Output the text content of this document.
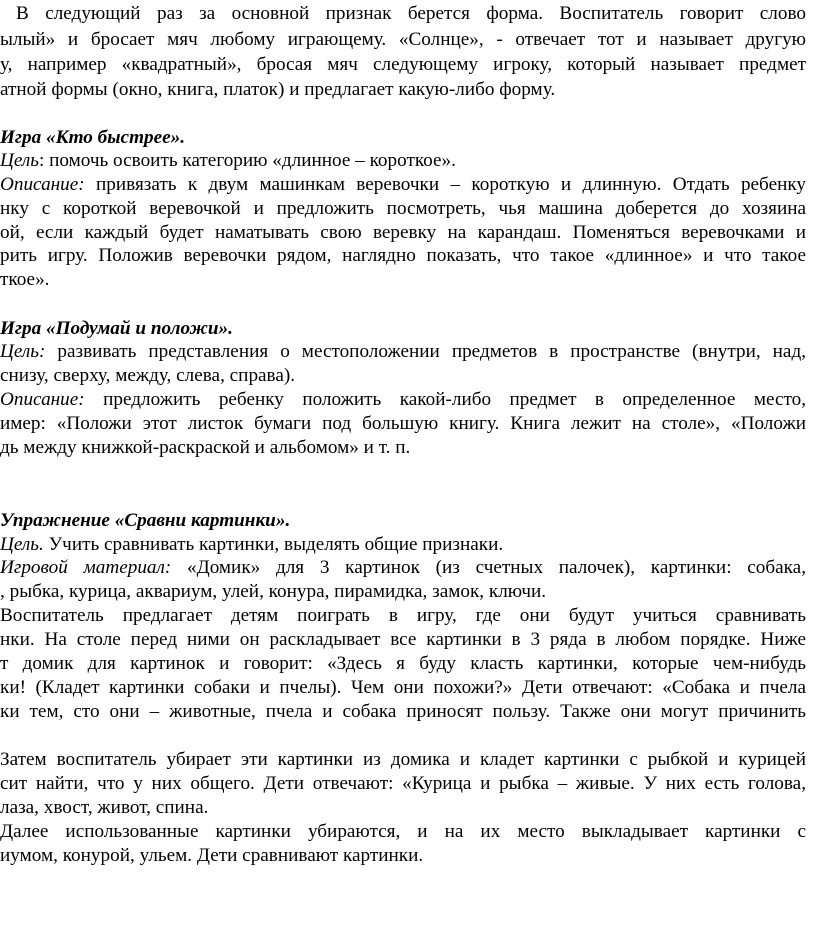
В следующий раз за основной признак берется форма. Воспитатель говорит слово
ылый» и бросает мяч любому играющему. «Солнце», - отвечает тот и называет другую
у, например «квадратный», бросая мяч следующему игроку, который называет предмет
атной формы (окно, книга, платок) и предлагает какую-либо форму.
Игра «Кто быстрее».
Цель: помочь освоить категорию «длинное – короткое».
Описание: привязать к двум машинкам веревочки – короткую и длинную. Отдать ребенку
нку с короткой веревочкой и предложить посмотреть, чья машина доберется до хозяина
ой, если каждый будет наматывать свою веревку на карандаш. Поменяться веревочками и
рить игру. Положив веревочки рядом, наглядно показать, что такое «длинное» и что такое
ткое».
Игра «Подумай и положи».
Цель: развивать представления о местоположении предметов в пространстве (внутри, над,
снизу, сверху, между, слева, справа).
Описание: предложить ребенку положить какой-либо предмет в определенное место,
имер: «Положи этот листок бумаги под большую книгу. Книга лежит на столе», «Положи
дь между книжкой-раскраской и альбомом» и т. п.
Упражнение «Сравни картинки».
Цель. Учить сравнивать картинки, выделять общие признаки.
Игровой материал: «Домик» для 3 картинок (из счетных палочек), картинки: собака,
, рыбка, курица, аквариум, улей, конура, пирамидка, замок, ключи.
Воспитатель предлагает детям поиграть в игру, где они будут учиться сравнивать
нки. На столе перед ними он раскладывает все картинки в 3 ряда в любом порядке. Ниже
т домик для картинок и говорит: «Здесь я буду класть картинки, которые чем-нибудь
ки! (Кладет картинки собаки и пчелы). Чем они похожи?» Дети отвечают: «Собака и пчела
ки тем, сто они – животные, пчела и собака приносят пользу. Также они могут причинить
Затем воспитатель убирает эти картинки из домика и кладет картинки с рыбкой и курицей
сит найти, что у них общего. Дети отвечают: «Курица и рыбка – живые. У них есть голова,
лаза, хвост, живот, спина.
Далее использованные картинки убираются, и на их место выкладывает картинки с
иумом, конурой, ульем. Дети сравнивают картинки.
